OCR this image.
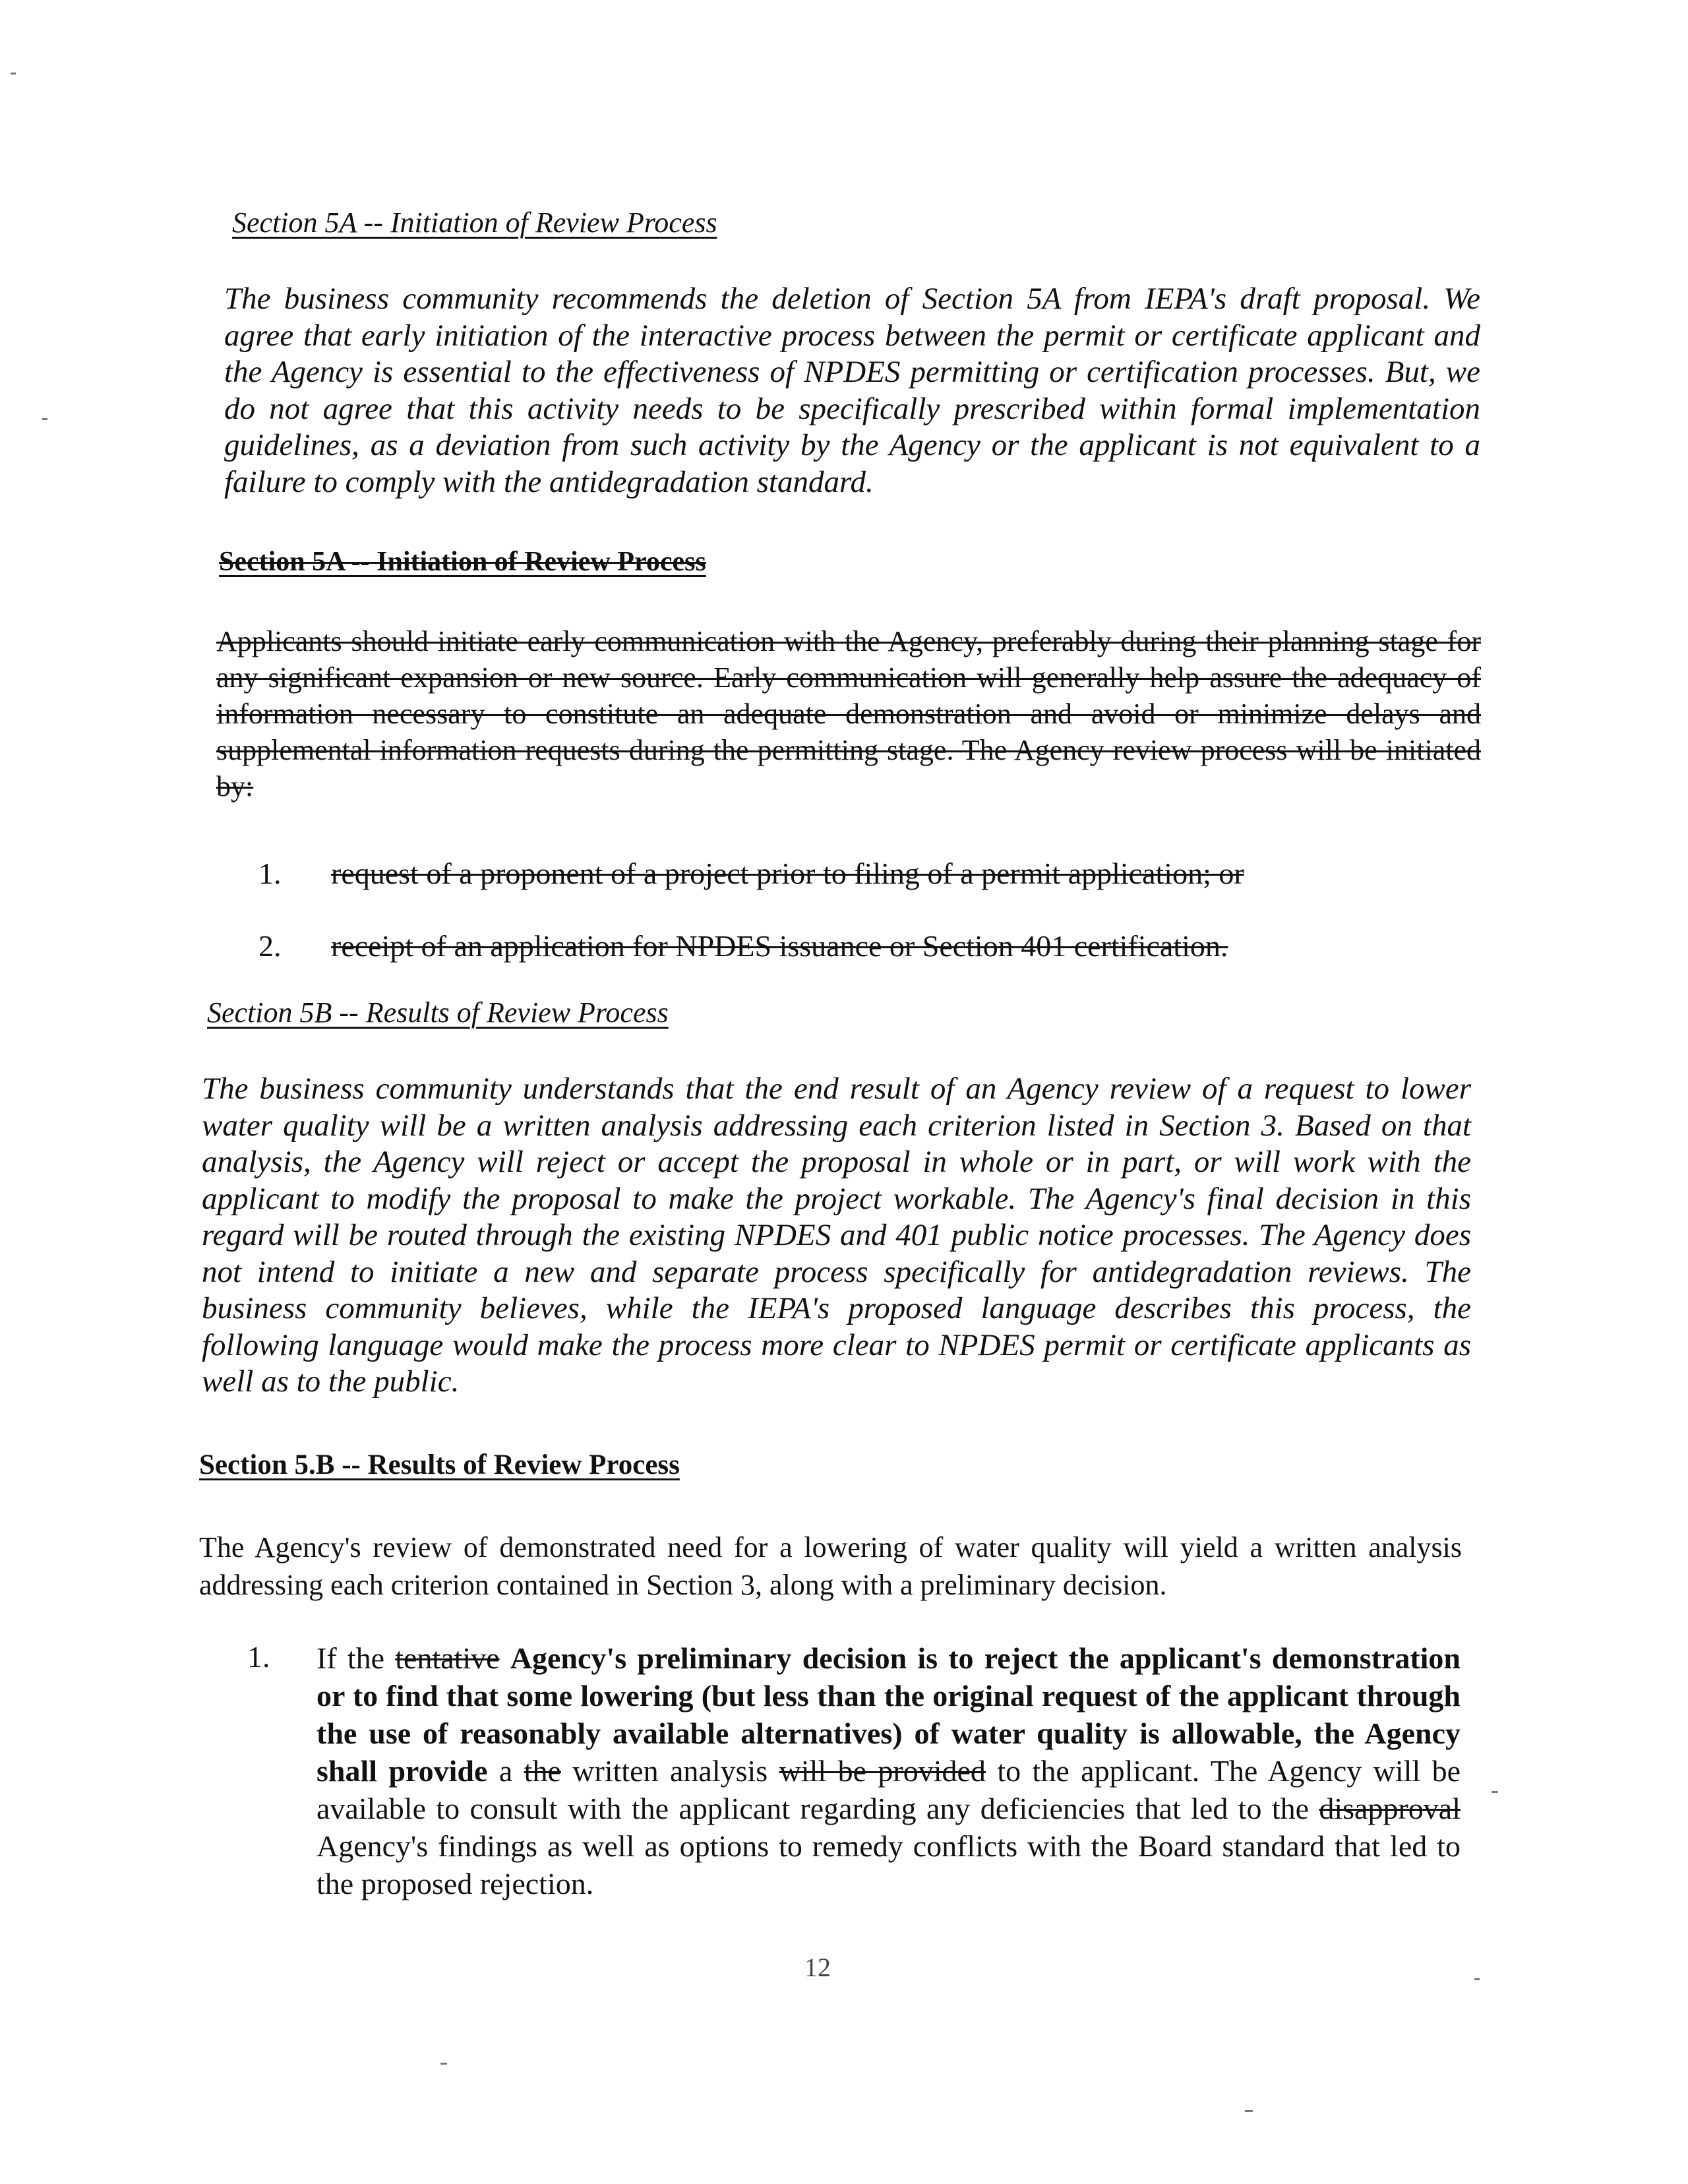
Section 5A -- Initiation of Review Process
The business community recommends the deletion of Section 5A from IEPA's draft proposal. We agree that early initiation of the interactive process between the permit or certificate applicant and the Agency is essential to the effectiveness of NPDES permitting or certification processes. But, we do not agree that this activity needs to be specifically prescribed within formal implementation guidelines, as a deviation from such activity by the Agency or the applicant is not equivalent to a failure to comply with the antidegradation standard.
Section 5A -- Initiation of Review Process
Applicants should initiate early communication with the Agency, preferably during their planning stage for any significant expansion or new source. Early communication will generally help assure the adequacy of information necessary to constitute an adequate demonstration and avoid or minimize delays and supplemental information requests during the permitting stage. The Agency review process will be initiated by:
1. request of a proponent of a project prior to filing of a permit application; or
2. receipt of an application for NPDES issuance or Section 401 certification.
Section 5B -- Results of Review Process
The business community understands that the end result of an Agency review of a request to lower water quality will be a written analysis addressing each criterion listed in Section 3. Based on that analysis, the Agency will reject or accept the proposal in whole or in part, or will work with the applicant to modify the proposal to make the project workable. The Agency's final decision in this regard will be routed through the existing NPDES and 401 public notice processes. The Agency does not intend to initiate a new and separate process specifically for antidegradation reviews. The business community believes, while the IEPA's proposed language describes this process, the following language would make the process more clear to NPDES permit or certificate applicants as well as to the public.
Section 5.B -- Results of Review Process
The Agency's review of demonstrated need for a lowering of water quality will yield a written analysis addressing each criterion contained in Section 3, along with a preliminary decision.
1. If the tentative Agency's preliminary decision is to reject the applicant's demonstration or to find that some lowering (but less than the original request of the applicant through the use of reasonably available alternatives) of water quality is allowable, the Agency shall provide a the written analysis will be provided to the applicant. The Agency will be available to consult with the applicant regarding any deficiencies that led to the disapproval Agency's findings as well as options to remedy conflicts with the Board standard that led to the proposed rejection.
12
